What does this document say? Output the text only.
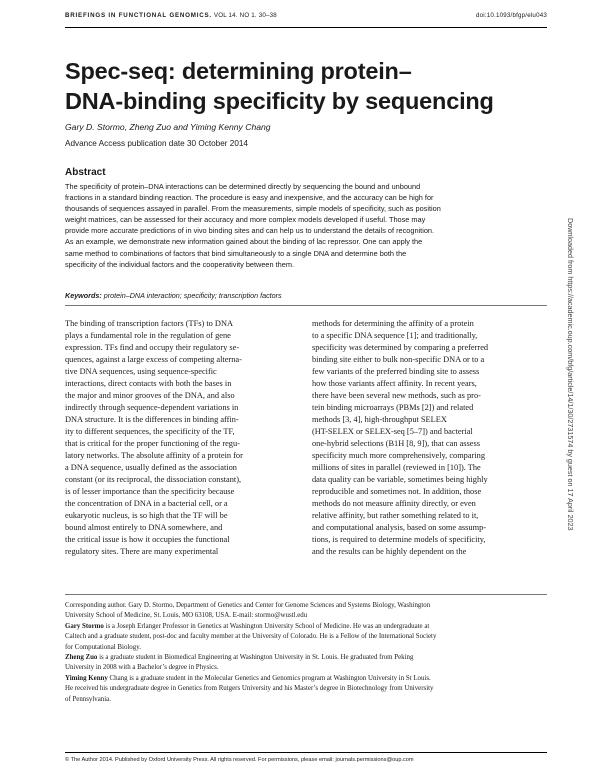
BRIEFINGS IN FUNCTIONAL GENOMICS. VOL 14. NO 1. 30–38	doi:10.1093/bfgp/elu043
Spec-seq: determining protein–
DNA-binding specificity by sequencing
Gary D. Stormo, Zheng Zuo and Yiming Kenny Chang
Advance Access publication date 30 October 2014
Abstract
The specificity of protein–DNA interactions can be determined directly by sequencing the bound and unbound
fractions in a standard binding reaction. The procedure is easy and inexpensive, and the accuracy can be high for
thousands of sequences assayed in parallel. From the measurements, simple models of specificity, such as position
weight matrices, can be assessed for their accuracy and more complex models developed if useful. Those may
provide more accurate predictions of in vivo binding sites and can help us to understand the details of recognition.
As an example, we demonstrate new information gained about the binding of lac repressor. One can apply the
same method to combinations of factors that bind simultaneously to a single DNA and determine both the
specificity of the individual factors and the cooperativity between them.
Keywords: protein–DNA interaction; specificity; transcription factors
The binding of transcription factors (TFs) to DNA
plays a fundamental role in the regulation of gene
expression. TFs find and occupy their regulatory se-
quences, against a large excess of competing alterna-
tive DNA sequences, using sequence-specific
interactions, direct contacts with both the bases in
the major and minor grooves of the DNA, and also
indirectly through sequence-dependent variations in
DNA structure. It is the differences in binding affin-
ity to different sequences, the specificity of the TF,
that is critical for the proper functioning of the regu-
latory networks. The absolute affinity of a protein for
a DNA sequence, usually defined as the association
constant (or its reciprocal, the dissociation constant),
is of lesser importance than the specificity because
the concentration of DNA in a bacterial cell, or a
eukaryotic nucleus, is so high that the TF will be
bound almost entirely to DNA somewhere, and
the critical issue is how it occupies the functional
regulatory sites. There are many experimental
methods for determining the affinity of a protein
to a specific DNA sequence [1]; and traditionally,
specificity was determined by comparing a preferred
binding site either to bulk non-specific DNA or to a
few variants of the preferred binding site to assess
how those variants affect affinity. In recent years,
there have been several new methods, such as pro-
tein binding microarrays (PBMs [2]) and related
methods [3, 4], high-throughput SELEX
(HT-SELEX or SELEX-seq [5–7]) and bacterial
one-hybrid selections (B1H [8, 9]), that can assess
specificity much more comprehensively, comparing
millions of sites in parallel (reviewed in [10]). The
data quality can be variable, sometimes being highly
reproducible and sometimes not. In addition, those
methods do not measure affinity directly, or even
relative affinity, but rather something related to it,
and computational analysis, based on some assump-
tions, is required to determine models of specificity,
and the results can be highly dependent on the
Corresponding author. Gary D. Stormo, Department of Genetics and Center for Genome Sciences and Systems Biology, Washington
University School of Medicine, St. Louis, MO 63108, USA. E-mail: stormo@wustl.edu
Gary Stormo is a Joseph Erlanger Professor in Genetics at Washington University School of Medicine. He was an undergraduate at
Caltech and a graduate student, post-doc and faculty member at the University of Colorado. He is a Fellow of the International Society
for Computational Biology.
Zheng Zuo is a graduate student in Biomedical Engineering at Washington University in St. Louis. He graduated from Peking
University in 2008 with a Bachelor’s degree in Physics.
Yiming Kenny Chang is a graduate student in the Molecular Genetics and Genomics program at Washington University in St Louis.
He received his undergraduate degree in Genetics from Rutgers University and his Master’s degree in Biotechnology from University
of Pennsylvania.
© The Author 2014. Published by Oxford University Press. All rights reserved. For permissions, please email: journals.permissions@oup.com
Downloaded from https://academic.oup.com/bfg/article/14/1/30/2731574 by guest on 17 April 2023
